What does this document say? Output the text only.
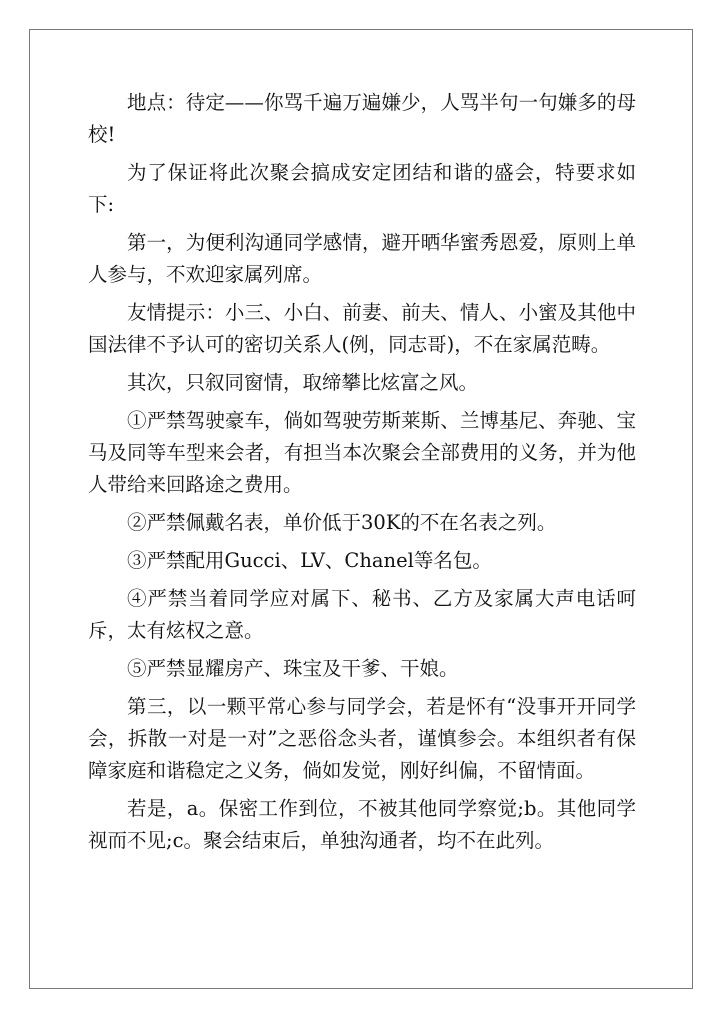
地点：待定——你骂千遍万遍嫌少，人骂半句一句嫌多的母校!

为了保证将此次聚会搞成安定团结和谐的盛会，特要求如下:

第一，为便利沟通同学感情，避开晒华蜜秀恩爱，原则上单人参与，不欢迎家属列席。

友情提示：小三、小白、前妻、前夫、情人、小蜜及其他中国法律不予认可的密切关系人(例，同志哥)，不在家属范畴。

其次，只叙同窗情，取缔攀比炫富之风。

①严禁驾驶豪车，倘如驾驶劳斯莱斯、兰博基尼、奔驰、宝马及同等车型来会者，有担当本次聚会全部费用的义务，并为他人带给来回路途之费用。

②严禁佩戴名表，单价低于30K的不在名表之列。

③严禁配用Gucci、LV、Chanel等名包。

④严禁当着同学应对属下、秘书、乙方及家属大声电话呵斥，太有炫权之意。

⑤严禁显耀房产、珠宝及干爹、干娘。

第三，以一颗平常心参与同学会，若是怀有“没事开开同学会，拆散一对是一对”之恶俗念头者，谨慎参会。本组织者有保障家庭和谐稳定之义务，倘如发觉，刚好纠偏，不留情面。

若是，a。保密工作到位，不被其他同学察觉;b。其他同学视而不见;c。聚会结束后，单独沟通者，均不在此列。
